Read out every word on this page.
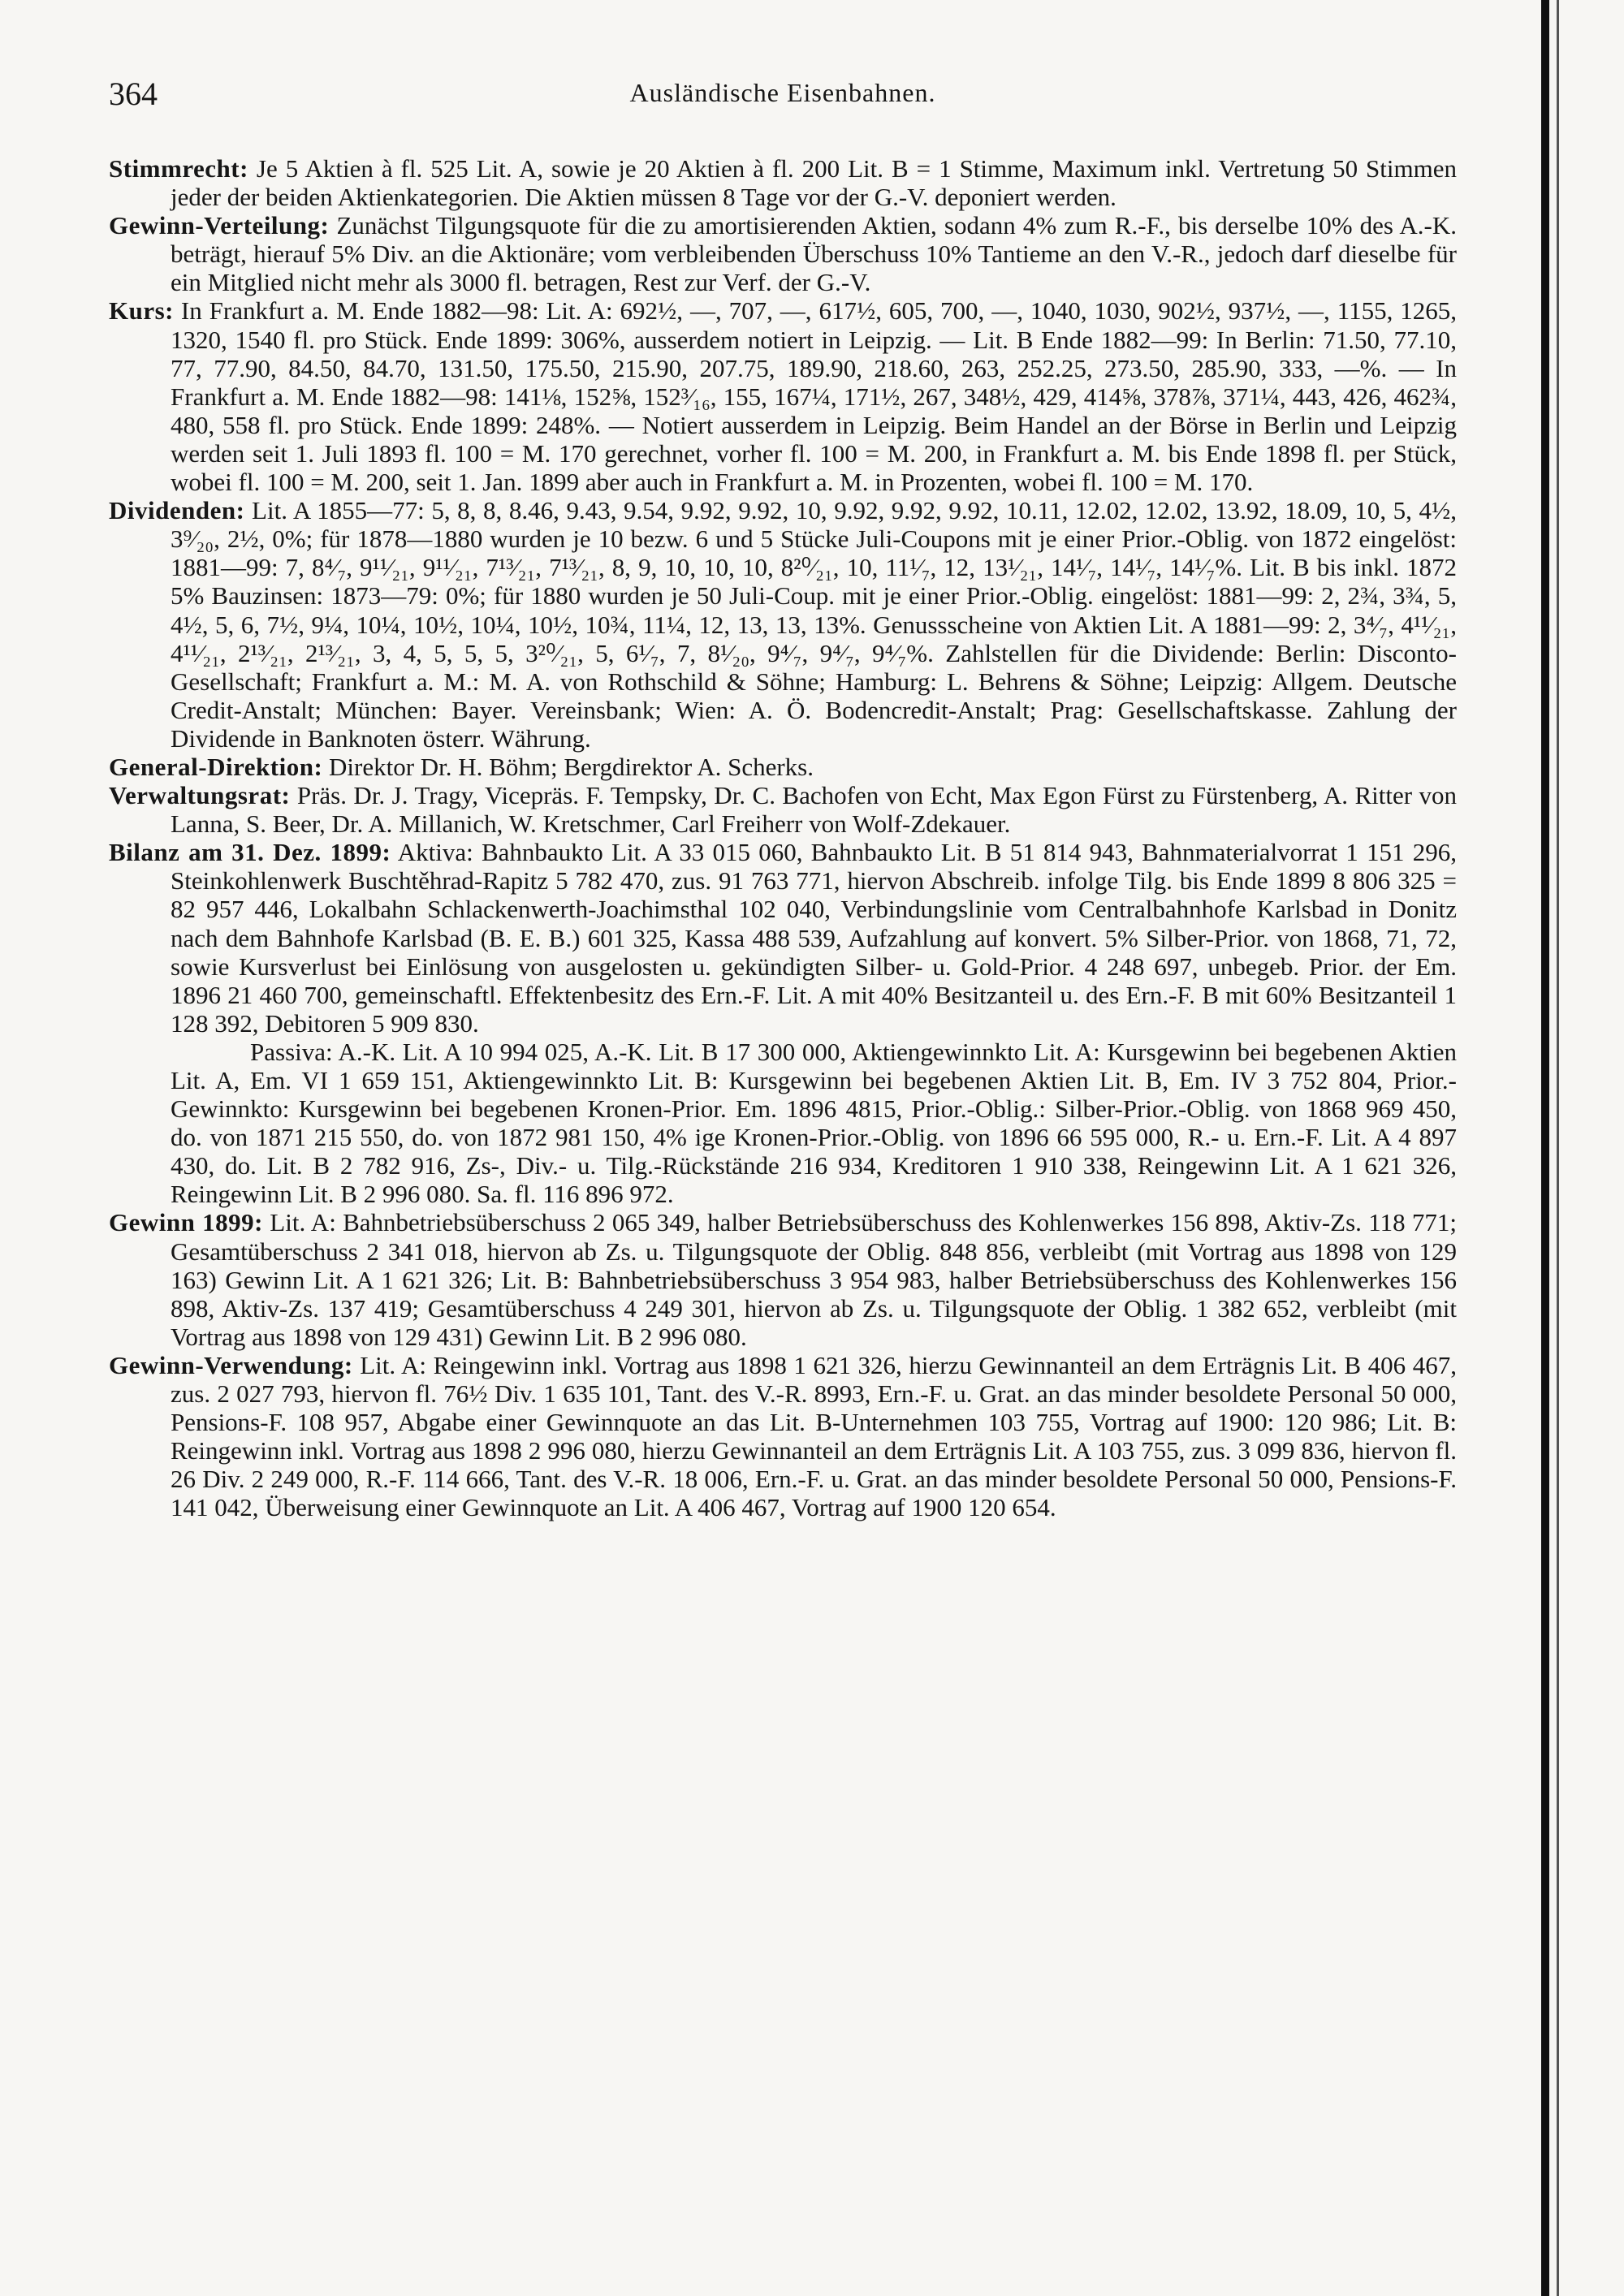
364	Ausländische Eisenbahnen.

Stimmrecht: Je 5 Aktien à fl. 525 Lit. A, sowie je 20 Aktien à fl. 200 Lit. B = 1 Stimme, Maximum inkl. Vertretung 50 Stimmen jeder der beiden Aktienkategorien. Die Aktien müssen 8 Tage vor der G.-V. deponiert werden.

Gewinn-Verteilung: Zunächst Tilgungsquote für die zu amortisierenden Aktien, sodann 4% zum R.-F., bis derselbe 10% des A.-K. beträgt, hierauf 5% Div. an die Aktionäre; vom verbleibenden Überschuss 10% Tantieme an den V.-R., jedoch darf dieselbe für ein Mitglied nicht mehr als 3000 fl. betragen, Rest zur Verf. der G.-V.

Kurs: In Frankfurt a. M. Ende 1882—98: Lit. A: 692½, —, 707, —, 617½, 605, 700, —, 1040, 1030, 902½, 937½, —, 1155, 1265, 1320, 1540 fl. pro Stück. Ende 1899: 306%, ausserdem notiert in Leipzig. — Lit. B Ende 1882—99: In Berlin: 71.50, 77.10, 77, 77.90, 84.50, 84.70, 131.50, 175.50, 215.90, 207.75, 189.90, 218.60, 263, 252.25, 273.50, 285.90, 333, —%. — In Frankfurt a. M. Ende 1882—98: 141⅛, 152⅝, 152³⁄₁₆, 155, 167¼, 171½, 267, 348½, 429, 414⅝, 378⅞, 371¼, 443, 426, 462¾, 480, 558 fl. pro Stück. Ende 1899: 248%. — Notiert ausserdem in Leipzig. Beim Handel an der Börse in Berlin und Leipzig werden seit 1. Juli 1893 fl. 100 = M. 170 gerechnet, vorher fl. 100 = M. 200, in Frankfurt a. M. bis Ende 1898 fl. per Stück, wobei fl. 100 = M. 200, seit 1. Jan. 1899 aber auch in Frankfurt a. M. in Prozenten, wobei fl. 100 = M. 170.

Dividenden: Lit. A 1855—77: 5, 8, 8, 8.46, 9.43, 9.54, 9.92, 9.92, 10, 9.92, 9.92, 9.92, 10.11, 12.02, 12.02, 13.92, 18.09, 10, 5, 4½, 3⁹⁄₂₀, 2½, 0%; für 1878—1880 wurden je 10 bezw. 6 und 5 Stücke Juli-Coupons mit je einer Prior.-Oblig. von 1872 eingelöst: 1881—99: 7, 8⁴⁄₇, 9¹¹⁄₂₁, 9¹¹⁄₂₁, 7¹³⁄₂₁, 7¹³⁄₂₁, 8, 9, 10, 10, 10, 8²⁰⁄₂₁, 10, 11¹⁄₇, 12, 13¹⁄₂₁, 14¹⁄₇, 14¹⁄₇, 14¹⁄₇%. Lit. B bis inkl. 1872 5% Bauzinsen: 1873—79: 0%; für 1880 wurden je 50 Juli-Coup. mit je einer Prior.-Oblig. eingelöst: 1881—99: 2, 2¾, 3¾, 5, 4½, 5, 6, 7½, 9¼, 10¼, 10½, 10¼, 10½, 10¾, 11¼, 12, 13, 13, 13%. Genussscheine von Aktien Lit. A 1881—99: 2, 3⁴⁄₇, 4¹¹⁄₂₁, 4¹¹⁄₂₁, 2¹³⁄₂₁, 2¹³⁄₂₁, 3, 4, 5, 5, 5, 3²⁰⁄₂₁, 5, 6¹⁄₇, 7, 8¹⁄₂₀, 9⁴⁄₇, 9⁴⁄₇, 9⁴⁄₇%. Zahlstellen für die Dividende: Berlin: Disconto-Gesellschaft; Frankfurt a. M.: M. A. von Rothschild & Söhne; Hamburg: L. Behrens & Söhne; Leipzig: Allgem. Deutsche Credit-Anstalt; München: Bayer. Vereinsbank; Wien: A. Ö. Bodencredit-Anstalt; Prag: Gesellschaftskasse. Zahlung der Dividende in Banknoten österr. Währung.

General-Direktion: Direktor Dr. H. Böhm; Bergdirektor A. Scherks.

Verwaltungsrat: Präs. Dr. J. Tragy, Vicepräs. F. Tempsky, Dr. C. Bachofen von Echt, Max Egon Fürst zu Fürstenberg, A. Ritter von Lanna, S. Beer, Dr. A. Millanich, W. Kretschmer, Carl Freiherr von Wolf-Zdekauer.

Bilanz am 31. Dez. 1899: Aktiva: Bahnbaukto Lit. A 33 015 060, Bahnbaukto Lit. B 51 814 943, Bahnmaterialvorrat 1 151 296, Steinkohlenwerk Buschtěhrad-Rapitz 5 782 470, zus. 91 763 771, hiervon Abschreib. infolge Tilg. bis Ende 1899 8 806 325 = 82 957 446, Lokalbahn Schlackenwerth-Joachimsthal 102 040, Verbindungslinie vom Centralbahnhofe Karlsbad in Donitz nach dem Bahnhofe Karlsbad (B. E. B.) 601 325, Kassa 488 539, Aufzahlung auf konvert. 5% Silber-Prior. von 1868, 71, 72, sowie Kursverlust bei Einlösung von ausgelosten u. gekündigten Silber- u. Gold-Prior. 4 248 697, unbegeb. Prior. der Em. 1896 21 460 700, gemeinschaftl. Effektenbesitz des Ern.-F. Lit. A mit 40% Besitzanteil u. des Ern.-F. B mit 60% Besitzanteil 1 128 392, Debitoren 5 909 830.

Passiva: A.-K. Lit. A 10 994 025, A.-K. Lit. B 17 300 000, Aktiengewinnkto Lit. A: Kursgewinn bei begebenen Aktien Lit. A, Em. VI 1 659 151, Aktiengewinnkto Lit. B: Kursgewinn bei begebenen Aktien Lit. B, Em. IV 3 752 804, Prior.-Gewinnkto: Kursgewinn bei begebenen Kronen-Prior. Em. 1896 4815, Prior.-Oblig.: Silber-Prior.-Oblig. von 1868 969 450, do. von 1871 215 550, do. von 1872 981 150, 4% ige Kronen-Prior.-Oblig. von 1896 66 595 000, R.- u. Ern.-F. Lit. A 4 897 430, do. Lit. B 2 782 916, Zs-, Div.- u. Tilg.-Rückstände 216 934, Kreditoren 1 910 338, Reingewinn Lit. A 1 621 326, Reingewinn Lit. B 2 996 080. Sa. fl. 116 896 972.

Gewinn 1899: Lit. A: Bahnbetriebsüberschuss 2 065 349, halber Betriebsüberschuss des Kohlenwerkes 156 898, Aktiv-Zs. 118 771; Gesamtüberschuss 2 341 018, hiervon ab Zs. u. Tilgungsquote der Oblig. 848 856, verbleibt (mit Vortrag aus 1898 von 129 163) Gewinn Lit. A 1 621 326; Lit. B: Bahnbetriebsüberschuss 3 954 983, halber Betriebsüberschuss des Kohlenwerkes 156 898, Aktiv-Zs. 137 419; Gesamtüberschuss 4 249 301, hiervon ab Zs. u. Tilgungsquote der Oblig. 1 382 652, verbleibt (mit Vortrag aus 1898 von 129 431) Gewinn Lit. B 2 996 080.

Gewinn-Verwendung: Lit. A: Reingewinn inkl. Vortrag aus 1898 1 621 326, hierzu Gewinnanteil an dem Erträgnis Lit. B 406 467, zus. 2 027 793, hiervon fl. 76½ Div. 1 635 101, Tant. des V.-R. 8993, Ern.-F. u. Grat. an das minder besoldete Personal 50 000, Pensions-F. 108 957, Abgabe einer Gewinnquote an das Lit. B-Unternehmen 103 755, Vortrag auf 1900: 120 986; Lit. B: Reingewinn inkl. Vortrag aus 1898 2 996 080, hierzu Gewinnanteil an dem Erträgnis Lit. A 103 755, zus. 3 099 836, hiervon fl. 26 Div. 2 249 000, R.-F. 114 666, Tant. des V.-R. 18 006, Ern.-F. u. Grat. an das minder besoldete Personal 50 000, Pensions-F. 141 042, Überweisung einer Gewinnquote an Lit. A 406 467, Vortrag auf 1900 120 654.
